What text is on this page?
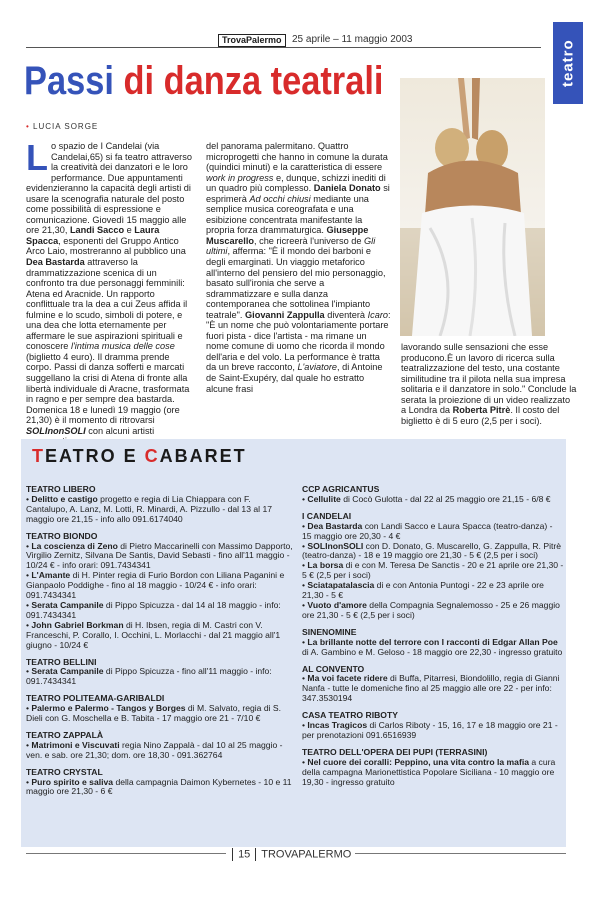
TrovaPalermo	25 aprile – 11 maggio 2003	teatro
Passi di danza teatrali
• LUCIA SORGE

Lo spazio de I Candelai (via Candelai,65) si fa teatro attraverso la creatività dei danzatori e le loro performance. Due appuntamenti evidenzieranno la capacità degli artisti di usare la scenografia naturale del posto come possibilità di espressione e comunicazione. Giovedì 15 maggio alle ore 21,30, Landi Sacco e Laura Spacca, esponenti del Gruppo Antico Arco Laio, mostreranno al pubblico una Dea Bastarda attraverso la drammatizzazione scenica di un confronto tra due personaggi femminili: Atena ed Aracnide. Un rapporto conflittuale tra la dea a cui Zeus affida il fulmine e lo scudo, simboli di potere, e una dea che lotta eternamente per affermare le sue aspirazioni spirituali e conoscere l'intima musica delle cose (biglietto 4 euro). Il dramma prende corpo. Passi di danza sofferti e marcati suggellano la crisi di Atena di fronte alla libertà individuale di Aracne, trasformata in ragno e per sempre dea bastarda. Domenica 18 e lunedì 19 maggio (ore 21,30) è il momento di ritrovarsi SOLInonSOLI con alcuni artisti

del panorama palermitano. Quattro microprogetti che hanno in comune la durata (quindici minuti) e la caratteristica di essere work in progress e, dunque, schizzi inediti di un quadro più complesso. Daniela Donato si esprimerà Ad occhi chiusi mediante una semplice musica coreografata e una esibizione concentrata manifestante la propria forza drammaturgica. Giuseppe Muscarello, che ricreerà l'universo de Gli ultimi, afferma: "È il mondo dei barboni e degli emarginati. Un viaggio metaforico all'interno del pensiero del mio personaggio, basato sull'ironia che serve a sdrammatizzare e sulla danza contemporanea che sottolinea l'impianto teatrale". Giovanni Zappulla diventerà Icaro: "È un nome che può volontariamente portare fuori pista - dice l'artista - ma rimane un nome comune di uomo che ricorda il mondo dell'aria e del volo. La performance è tratta da un breve racconto, L'aviatore, di Antoine de Saint-Exupéry, dal quale ho estratto alcune frasi

lavorando sulle sensazioni che esse producono.È un lavoro di ricerca sulla teatralizzazione del testo, una costante similitudine tra il pilota nella sua impresa solitaria e il danzatore in solo." Conclude la serata la proiezione di un video realizzato a Londra da Roberta Pitrè. Il costo del biglietto è di 5 euro (2,5 per i soci).

TEATRO E CABARET
TEATRO LIBERO

• Delitto e castigo progetto e regia di Lia Chiappara con F. Cantalupo, A. Lanz, M. Lotti, R. Minardi, A. Pizzullo - dal 13 al 17 maggio ore 21,15 - info allo 091.6174040

TEATRO BIONDO

• La coscienza di Zeno di Pietro Maccarinelli con Massimo Dapporto, Virgilio Zernitz, Silvana De Santis, David Sebasti - fino all'11 maggio - 10/24 € - info orari: 091.7434341

• L'Amante di H. Pinter regia di Furio Bordon con Liliana Paganini e Gianpaolo Poddighe - fino al 18 maggio - 10/24 € - info orari: 091.7434341

• Serata Campanile di Pippo Spicuzza - dal 14 al 18 maggio - info: 091.7434341

• John Gabriel Borkman di H. Ibsen, regia di M. Castri con V. Franceschi, P. Corallo, I. Occhini, L. Morlacchi - dal 21 maggio all'1 giugno - 10/24 €

TEATRO BELLINI

• Serata Campanile di Pippo Spicuzza - fino all'11 maggio - info: 091.7434341

TEATRO POLITEAMA-GARIBALDI

• Palermo e Palermo - Tangos y Borges di M. Salvato, regia di S. Dieli con G. Moschella e B. Tabita - 17 maggio ore 21 - 7/10 €

TEATRO ZAPPALÀ

• Matrimoni e Viscuvati regia Nino Zappalà - dal 10 al 25 maggio - ven. e sab. ore 21,30; dom. ore 18,30 - 091.362764

TEATRO CRYSTAL

• Puro spirito e saliva della campagnia Daimon Kybernetes - 10 e 11 maggio ore 21,30 - 6 €

CCP AGRICANTUS

• Cellulite di Cocò Gulotta - dal 22 al 25 maggio ore 21,15 - 6/8 €

I CANDELAI

• Dea Bastarda con Landi Sacco e Laura Spacca (teatro-danza) - 15 maggio ore 20,30 - 4 €

• SOLInonSOLI con D. Donato, G. Muscarello, G. Zappulla, R. Pitrè (teatro-danza) - 18 e 19 maggio ore 21,30 - 5 € (2,5 per i soci)

• La borsa di e con M. Teresa De Sanctis - 20 e 21 aprile ore 21,30 - 5 € (2,5 per i soci)

• Sciatapatalascia di e con Antonia Puntogi - 22 e 23 aprile ore 21,30 - 5 €

• Vuoto d'amore della Compagnia Segnalemosso - 25 e 26 maggio ore 21,30 - 5 € (2,5 per i soci)

SINENOMINE

• La brillante notte del terrore con I racconti di Edgar Allan Poe di A. Gambino e M. Geloso - 18 maggio ore 22,30 - ingresso gratuito

AL CONVENTO

• Ma voi facete ridere di Buffa, Pitarresi, Biondolillo, regia di Gianni Nanfa - tutte le domeniche fino al 25 maggio alle ore 22 - per info: 347.3530194

CASA TEATRO RIBOTY

• Incas Tragicos di Carlos Riboty - 15, 16, 17 e 18 maggio ore 21 - per prenotazioni 091.6516939

TEATRO DELL'OPERA DEI PUPI (TERRASINI)

• Nel cuore dei coralli: Peppino, una vita contro la mafia a cura della campagna Marionettistica Popolare Siciliana - 10 maggio ore 19,30 - ingresso gratuito

15 TROVAPALERMO
